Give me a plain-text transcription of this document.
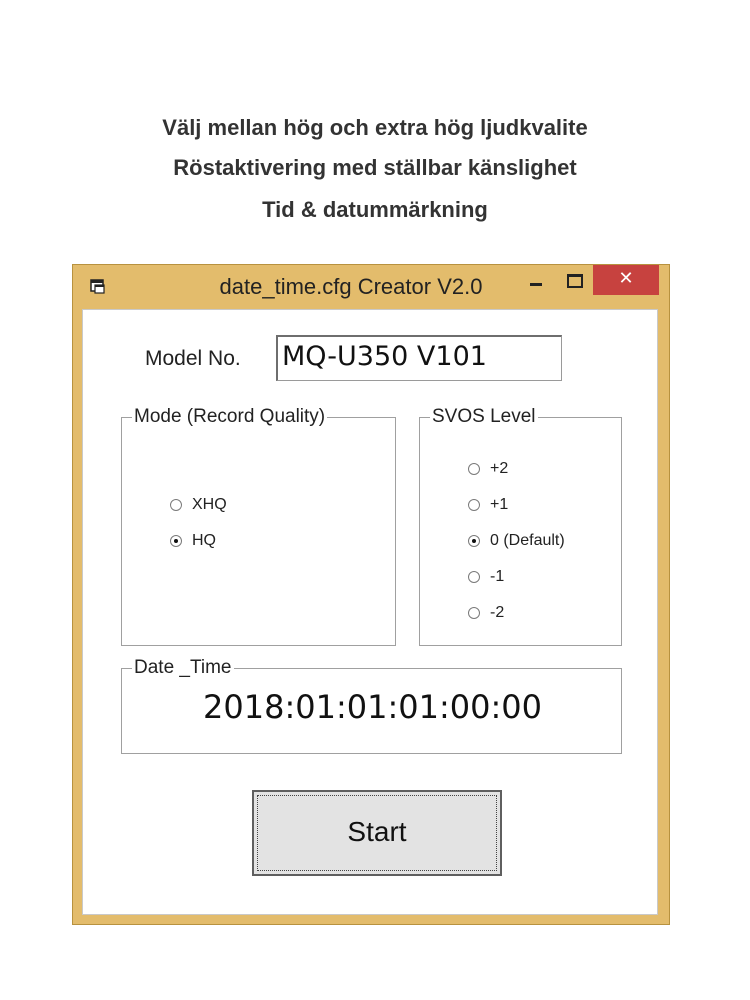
Välj mellan hög och extra hög ljudkvalite
Röstaktivering med ställbar känslighet
Tid & datummärkning
date_time.cfg Creator V2.0	✕
Model No. MQ-U350 V101
Mode (Record Quality)
XHQ
HQ
SVOS Level
+2
+1
0 (Default)
-1
-2
Date _Time
2018:01:01:01:00:00
Start
